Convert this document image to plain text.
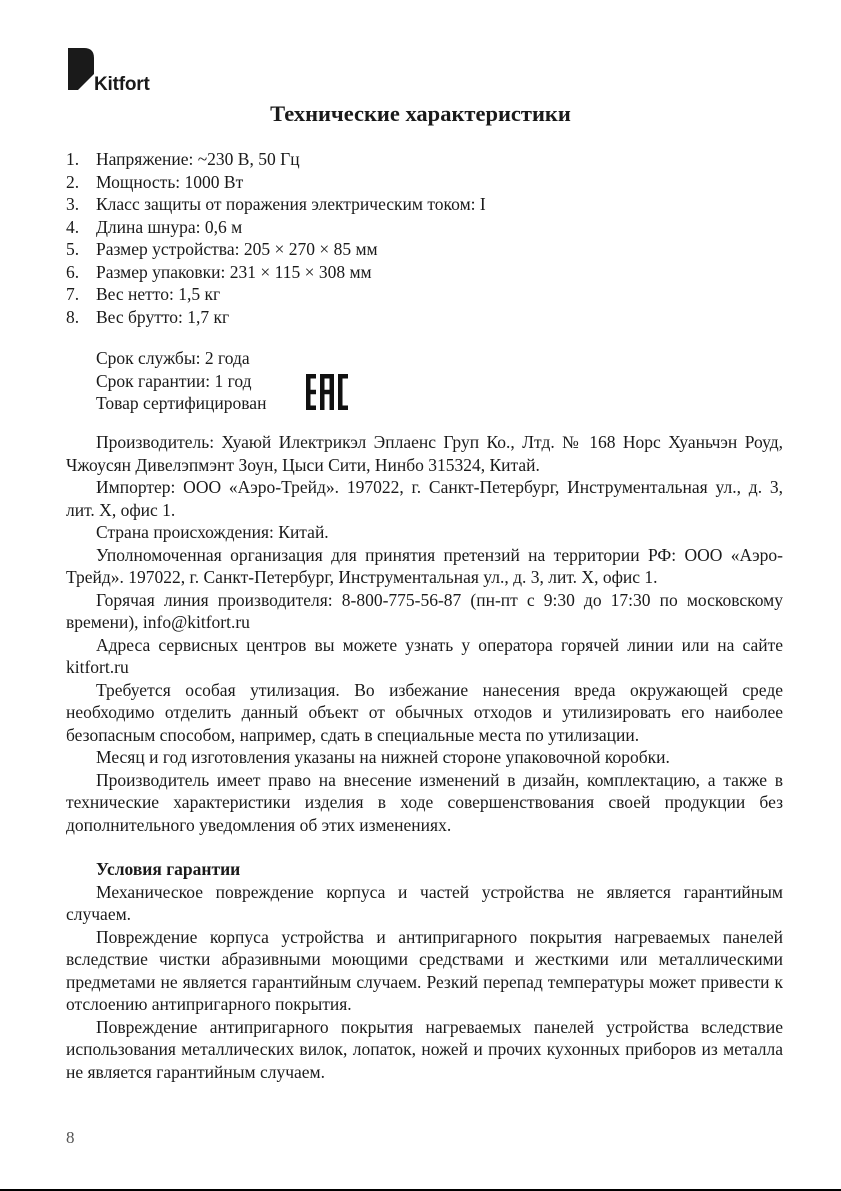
Kitfort
Технические характеристики
1. Напряжение: ~230 В, 50 Гц
2. Мощность: 1000 Вт
3. Класс защиты от поражения электрическим током: I
4. Длина шнура: 0,6 м
5. Размер устройства: 205 × 270 × 85 мм
6. Размер упаковки: 231 × 115 × 308 мм
7. Вес нетто: 1,5 кг
8. Вес брутто: 1,7 кг
Срок службы: 2 года
Срок гарантии: 1 год
Товар сертифицирован

Производитель: Хуаюй Илектрикэл Эплаенс Груп Ко., Лтд. № 168 Норс Хуаньчэн Роуд, Чжоусян Дивелэпмэнт Зоун, Цыси Сити, Нинбо 315324, Китай.

Импортер: ООО «Аэро-Трейд». 197022, г. Санкт-Петербург, Инструментальная ул., д. 3, лит. Х, офис 1.

Страна происхождения: Китай.

Уполномоченная организация для принятия претензий на территории РФ: ООО «Аэро-Трейд». 197022, г. Санкт-Петербург, Инструментальная ул., д. 3, лит. Х, офис 1.

Горячая линия производителя: 8-800-775-56-87 (пн-пт с 9:30 до 17:30 по московскому времени), info@kitfort.ru

Адреса сервисных центров вы можете узнать у оператора горячей линии или на сайте kitfort.ru

Требуется особая утилизация. Во избежание нанесения вреда окружающей среде необходимо отделить данный объект от обычных отходов и утилизировать его наиболее безопасным способом, например, сдать в специальные места по утилизации.

Месяц и год изготовления указаны на нижней стороне упаковочной коробки.

Производитель имеет право на внесение изменений в дизайн, комплектацию, а также в технические характеристики изделия в ходе совершенствования своей продукции без дополнительного уведомления об этих изменениях.

Условия гарантии

Механическое повреждение корпуса и частей устройства не является гарантийным случаем.

Повреждение корпуса устройства и антипригарного покрытия нагреваемых панелей вследствие чистки абразивными моющими средствами и жесткими или металлическими предметами не является гарантийным случаем. Резкий перепад температуры может привести к отслоению антипригарного покрытия.

Повреждение антипригарного покрытия нагреваемых панелей устройства вследствие использования металлических вилок, лопаток, ножей и прочих кухонных приборов из металла не является гарантийным случаем.

8
